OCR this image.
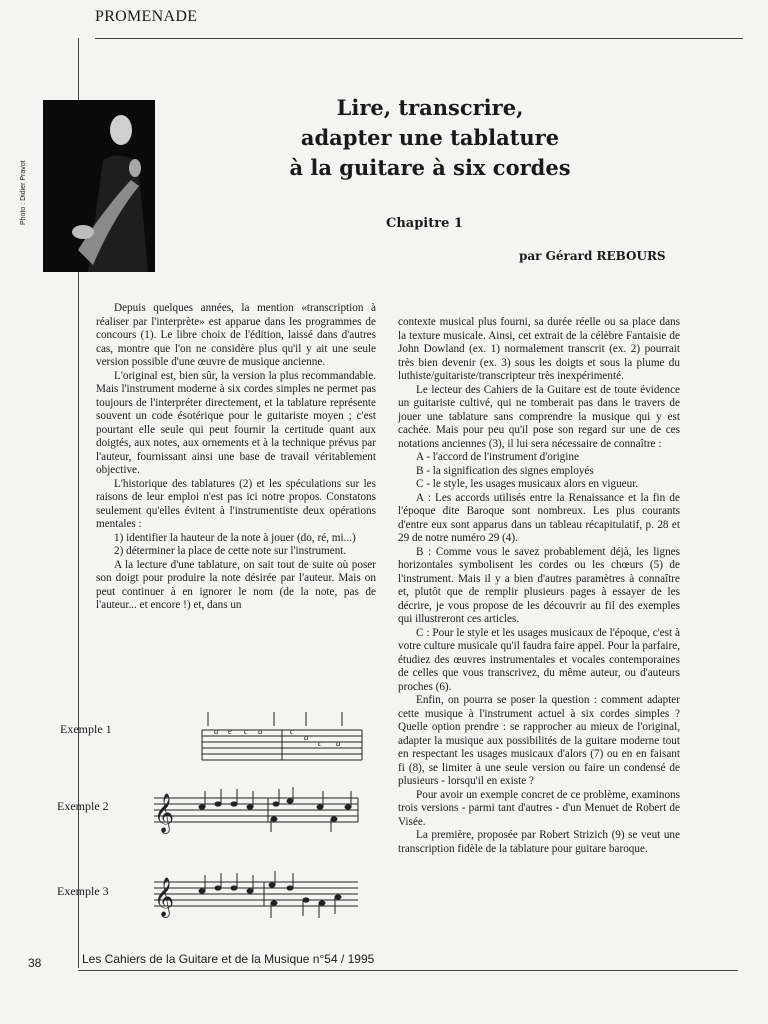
PROMENADE
Photo : Didier Pravot
Lire, transcrire,
adapter une tablature
à la guitare à six cordes
Chapitre 1
par Gérard REBOURS

Depuis quelques années, la mention «transcription à réaliser par l'interprète» est apparue dans les programmes de concours (1). Le libre choix de l'édition, laissé dans d'autres cas, montre que l'on ne considère plus qu'il y ait une seule version possible d'une œuvre de musique ancienne.

L'original est, bien sûr, la version la plus recommandable. Mais l'instrument moderne à six cordes simples ne permet pas toujours de l'interpréter directement, et la tablature représente souvent un code ésotérique pour le guitariste moyen ; c'est pourtant elle seule qui peut fournir la certitude quant aux doigtés, aux notes, aux ornements et à la technique prévus par l'auteur, fournissant ainsi une base de travail véritablement objective.

L'historique des tablatures (2) et les spéculations sur les raisons de leur emploi n'est pas ici notre propos. Constatons seulement qu'elles évitent à l'instrumentiste deux opérations mentales :

1) identifier la hauteur de la note à jouer (do, ré, mi...)

2) déterminer la place de cette note sur l'instrument.

A la lecture d'une tablature, on sait tout de suite où poser son doigt pour produire la note désirée par l'auteur. Mais on peut continuer à en ignorer le nom (de la note, pas de l'auteur... et encore !) et, dans un

contexte musical plus fourni, sa durée réelle ou sa place dans la texture musicale. Ainsi, cet extrait de la célèbre Fantaisie de John Dowland (ex. 1) normalement transcrit (ex. 2) pourrait très bien devenir (ex. 3) sous les doigts et sous la plume du luthiste/guitariste/transcripteur très inexpérimenté.

Le lecteur des Cahiers de la Guitare est de toute évidence un guitariste cultivé, qui ne tomberait pas dans le travers de jouer une tablature sans comprendre la musique qui y est cachée. Mais pour peu qu'il pose son regard sur une de ces notations anciennes (3), il lui sera nécessaire de connaître :

A - l'accord de l'instrument d'origine

B - la signification des signes employés

C - le style, les usages musicaux alors en vigueur.

A : Les accords utilisés entre la Renaissance et la fin de l'époque dite Baroque sont nombreux. Les plus courants d'entre eux sont apparus dans un tableau récapitulatif, p. 28 et 29 de notre numéro 29 (4).

B : Comme vous le savez probablement déjà, les lignes horizontales symbolisent les cordes ou les chœurs (5) de l'instrument. Mais il y a bien d'autres paramètres à connaître et, plutôt que de remplir plusieurs pages à essayer de les décrire, je vous propose de les découvrir au fil des exemples qui illustreront ces articles.

C : Pour le style et les usages musicaux de l'époque, c'est à votre culture musicale qu'il faudra faire appel. Pour la parfaire, étudiez des œuvres instrumentales et vocales contemporaines de celles que vous transcrivez, du même auteur, ou d'auteurs proches (6).

Enfin, on pourra se poser la question : comment adapter cette musique à l'instrument actuel à six cordes simples ? Quelle option prendre : se rapprocher au mieux de l'original, adapter la musique aux possibilités de la guitare moderne tout en respectant les usages musicaux d'alors (7) ou en en faisant fi (8), se limiter à une seule version ou faire un condensé de plusieurs - lorsqu'il en existe ?

Pour avoir un exemple concret de ce problème, examinons trois versions - parmi tant d'autres - d'un Menuet de Robert de Visée.

La première, proposée par Robert Strizich (9) se veut une transcription fidèle de la tablature pour guitare baroque.

Exemple 1	a e c a	c
a
c a
Exemple 2 𝄞
Exemple 3 𝄞
38	Les Cahiers de la Guitare et de la Musique n°54 / 1995
